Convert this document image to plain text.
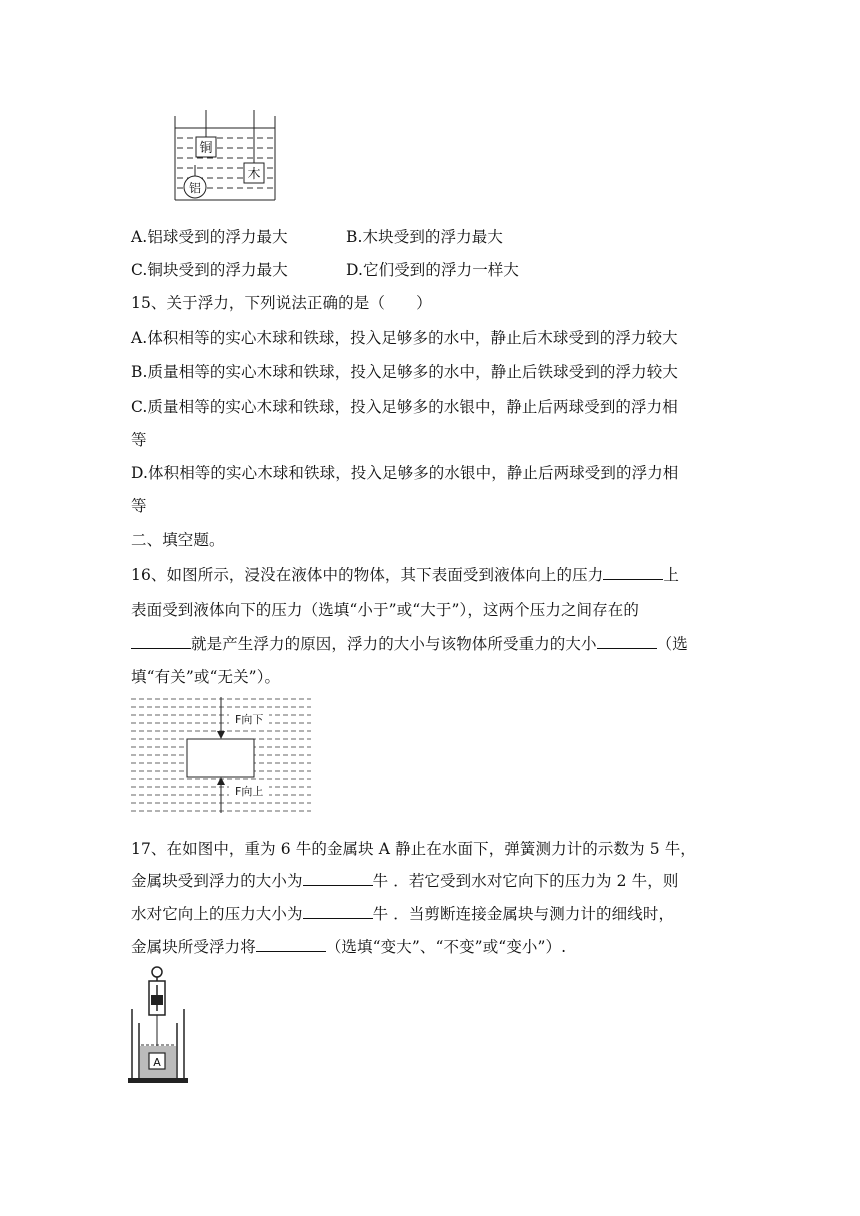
铜
木
铝
A.铝球受到的浮力最大	B.木块受到的浮力最大
C.铜块受到的浮力最大	D.它们受到的浮力一样大
15、关于浮力，下列说法正确的是（　　）
A.体积相等的实心木球和铁球，投入足够多的水中，静止后木球受到的浮力较大
B.质量相等的实心木球和铁球，投入足够多的水中，静止后铁球受到的浮力较大
C.质量相等的实心木球和铁球，投入足够多的水银中，静止后两球受到的浮力相
等
D.体积相等的实心木球和铁球，投入足够多的水银中，静止后两球受到的浮力相
等
二、填空题。
16、如图所示，浸没在液体中的物体，其下表面受到液体向上的压力	上
表面受到液体向下的压力（选填“小于”或“大于”），这两个压力之间存在的
就是产生浮力的原因，浮力的大小与该物体所受重力的大小	（选
填“有关”或“无关”）。
F向下
F向上
17、在如图中，重为 6 牛的金属块 A 静止在水面下，弹簧测力计的示数为 5 牛，
金属块受到浮力的大小为	牛 ．若它受到水对它向下的压力为 2 牛，则
水对它向上的压力大小为	牛 ．当剪断连接金属块与测力计的细线时，
金属块所受浮力将	（选填“变大”、“不变”或“变小”）.
A
